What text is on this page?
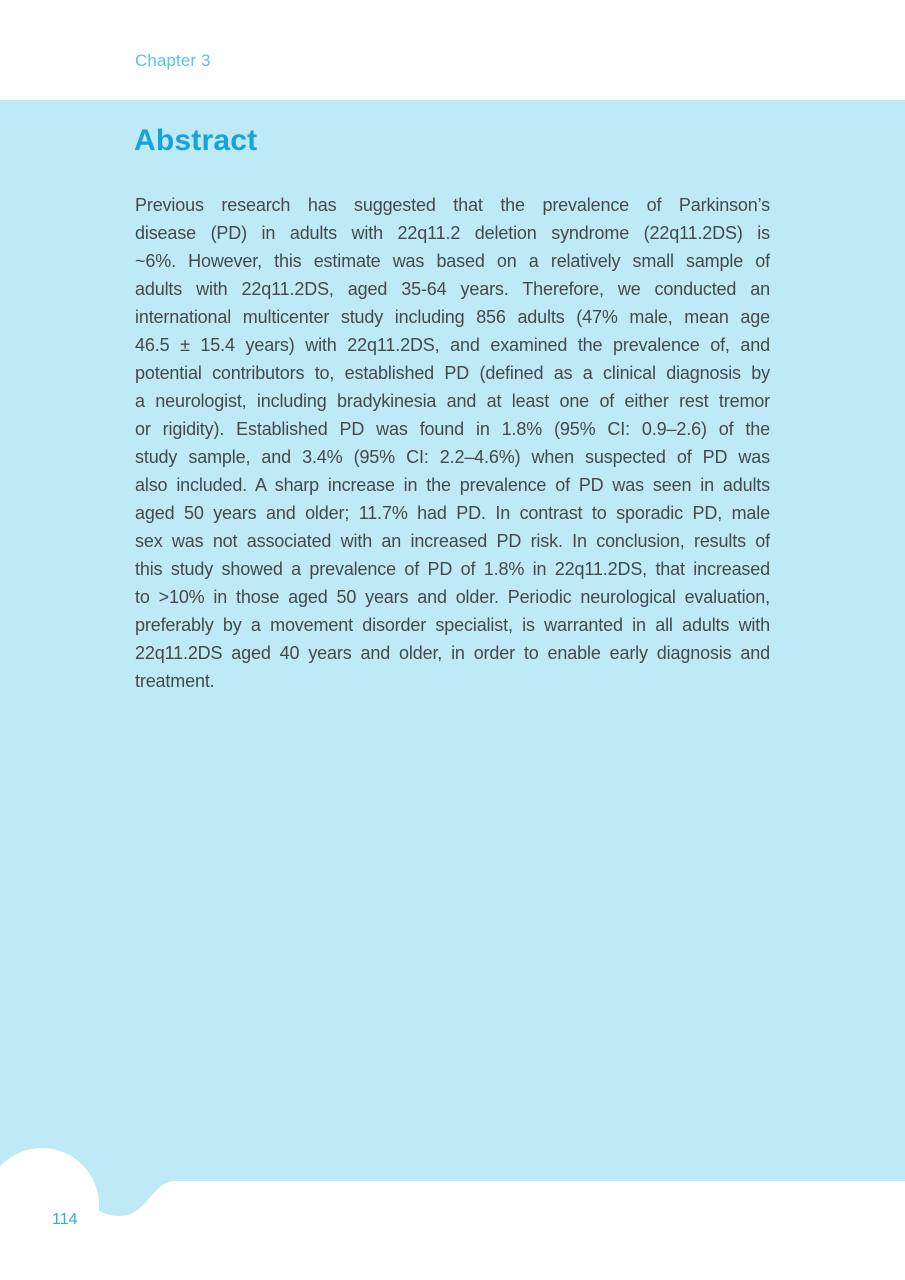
Chapter 3
Abstract
Previous research has suggested that the prevalence of Parkinson’s
disease (PD) in adults with 22q11.2 deletion syndrome (22q11.2DS) is
~6%. However, this estimate was based on a relatively small sample of
adults with 22q11.2DS, aged 35-64 years. Therefore, we conducted an
international multicenter study including 856 adults (47% male, mean age
46.5 ± 15.4 years) with 22q11.2DS, and examined the prevalence of, and
potential contributors to, established PD (defined as a clinical diagnosis by
a neurologist, including bradykinesia and at least one of either rest tremor
or rigidity). Established PD was found in 1.8% (95% CI: 0.9–2.6) of the
study sample, and 3.4% (95% CI: 2.2–4.6%) when suspected of PD was
also included. A sharp increase in the prevalence of PD was seen in adults
aged 50 years and older; 11.7% had PD. In contrast to sporadic PD, male
sex was not associated with an increased PD risk. In conclusion, results of
this study showed a prevalence of PD of 1.8% in 22q11.2DS, that increased
to >10% in those aged 50 years and older. Periodic neurological evaluation,
preferably by a movement disorder specialist, is warranted in all adults with
22q11.2DS aged 40 years and older, in order to enable early diagnosis and
treatment.
114
